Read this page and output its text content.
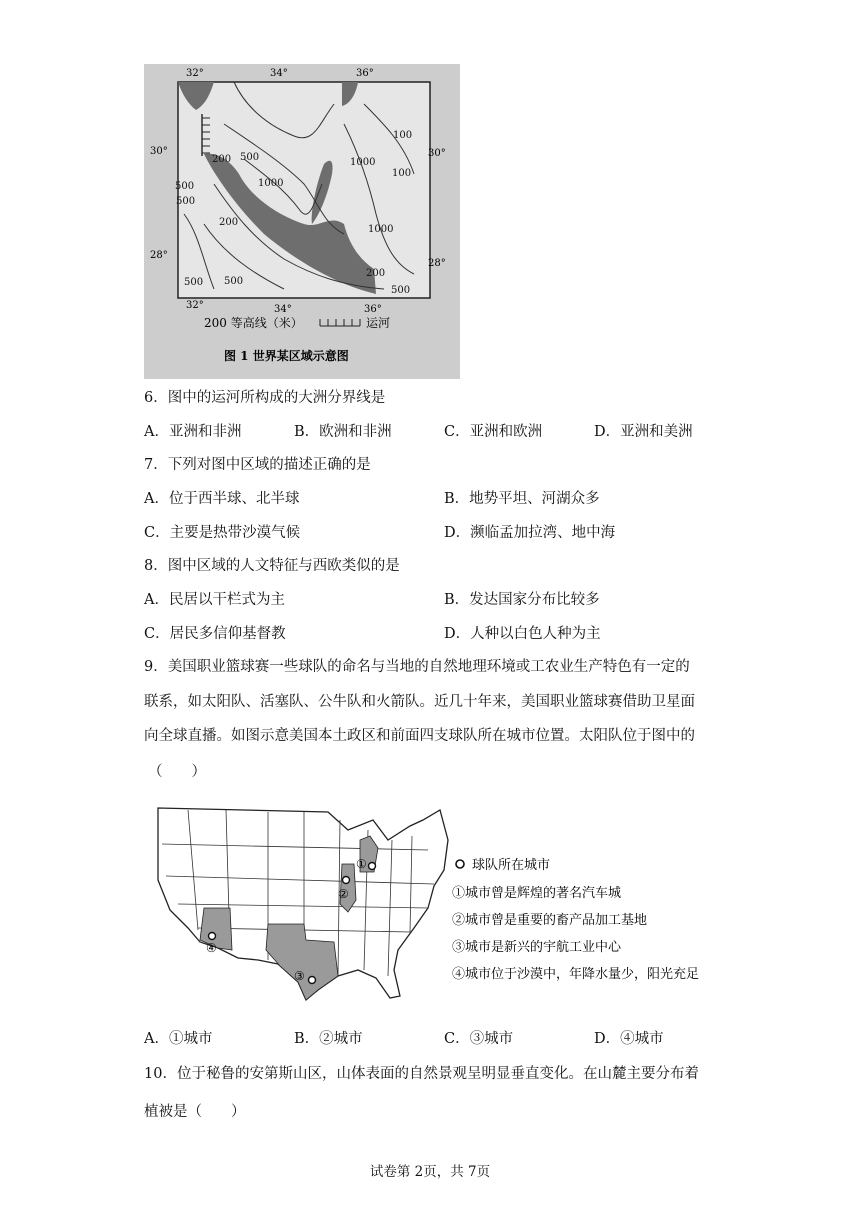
32°	34°	36°
32°	34°	36°
30°
28°
30°
28°
200 500
1000
1000
100
100
500
500
1000
200
500
200
500
500
200 等高线（米）	运河
图 1 世界某区域示意图
6．图中的运河所构成的大洲分界线是
A．亚洲和非洲	B．欧洲和非洲	C．亚洲和欧洲	D．亚洲和美洲
7．下列对图中区域的描述正确的是
A．位于西半球、北半球	B．地势平坦、河湖众多
C．主要是热带沙漠气候	D．濒临孟加拉湾、地中海
8．图中区域的人文特征与西欧类似的是
A．民居以干栏式为主	B．发达国家分布比较多
C．居民多信仰基督教	D．人种以白色人种为主
9．美国职业篮球赛一些球队的命名与当地的自然地理环境或工农业生产特色有一定的
联系，如太阳队、活塞队、公牛队和火箭队。近几十年来，美国职业篮球赛借助卫星面
向全球直播。如图示意美国本土政区和前面四支球队所在城市位置。太阳队位于图中的
（　　）
①
②
③
④
球队所在城市
①城市曾是辉煌的著名汽车城
②城市曾是重要的畜产品加工基地
③城市是新兴的宇航工业中心
④城市位于沙漠中，年降水量少，阳光充足
A．①城市	B．②城市	C．③城市	D．④城市
10．位于秘鲁的安第斯山区，山体表面的自然景观呈明显垂直变化。在山麓主要分布着
植被是（　　）
试卷第 2页，共 7页
